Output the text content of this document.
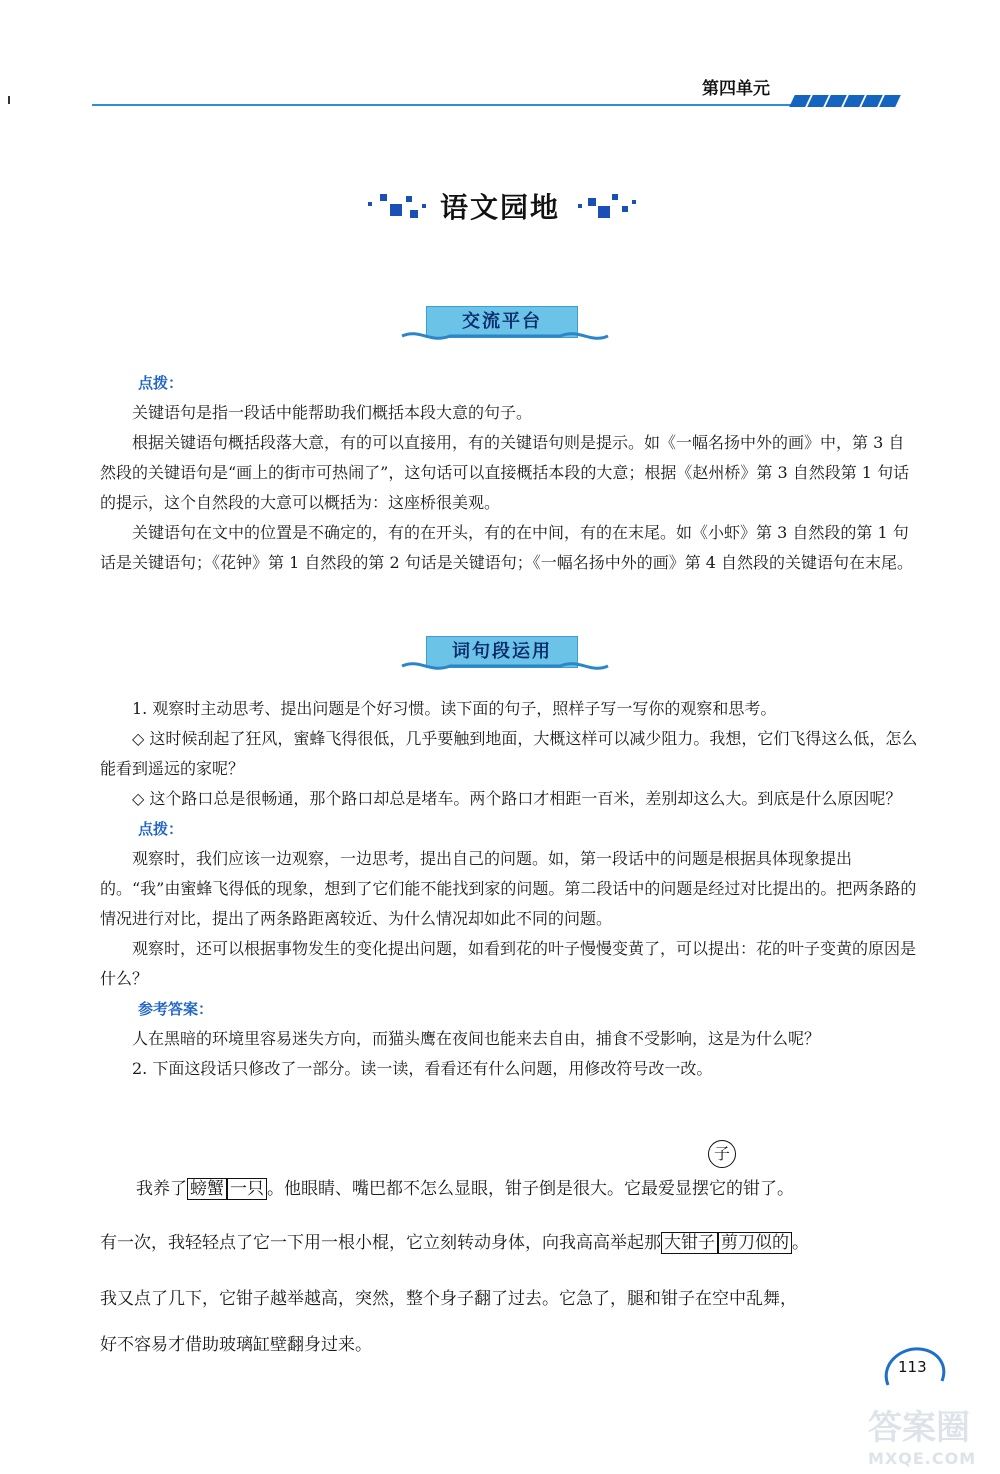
第四单元
语文园地
交流平台
点拨：

关键语句是指一段话中能帮助我们概括本段大意的句子。

根据关键语句概括段落大意，有的可以直接用，有的关键语句则是提示。如《一幅名扬中外的画》中，第 3 自然段的关键语句是“画上的街市可热闹了”，这句话可以直接概括本段的大意；根据《赵州桥》第 3 自然段第 1 句话的提示，这个自然段的大意可以概括为：这座桥很美观。

关键语句在文中的位置是不确定的，有的在开头，有的在中间，有的在末尾。如《小虾》第 3 自然段的第 1 句话是关键语句；《花钟》第 1 自然段的第 2 句话是关键语句；《一幅名扬中外的画》第 4 自然段的关键语句在末尾。

词句段运用

1. 观察时主动思考、提出问题是个好习惯。读下面的句子，照样子写一写你的观察和思考。

◇ 这时候刮起了狂风，蜜蜂飞得很低，几乎要触到地面，大概这样可以减少阻力。我想，它们飞得这么低，怎么能看到遥远的家呢？

◇ 这个路口总是很畅通，那个路口却总是堵车。两个路口才相距一百米，差别却这么大。到底是什么原因呢？

点拨：

观察时，我们应该一边观察，一边思考，提出自己的问题。如，第一段话中的问题是根据具体现象提出的。“我”由蜜蜂飞得低的现象，想到了它们能不能找到家的问题。第二段话中的问题是经过对比提出的。把两条路的情况进行对比，提出了两条路距离较近、为什么情况却如此不同的问题。

观察时，还可以根据事物发生的变化提出问题，如看到花的叶子慢慢变黄了，可以提出：花的叶子变黄的原因是什么？

参考答案：

人在黑暗的环境里容易迷失方向，而猫头鹰在夜间也能来去自由，捕食不受影响，这是为什么呢？

2. 下面这段话只修改了一部分。读一读，看看还有什么问题，用修改符号改一改。

子
我养了 螃蟹 一只 。他眼睛、嘴巴都不怎么显眼，钳子倒是很大。它最爱显摆它的钳了。
有一次，我轻轻点了它一下用一根小棍，它立刻转动身体，向我高高举起那 大钳子 剪刀似的 。
我又点了几下，它钳子越举越高，突然，整个身子翻了过去。它急了，腿和钳子在空中乱舞，
好不容易才借助玻璃缸壁翻身过来。
113
答案圈
MXQE.COM
